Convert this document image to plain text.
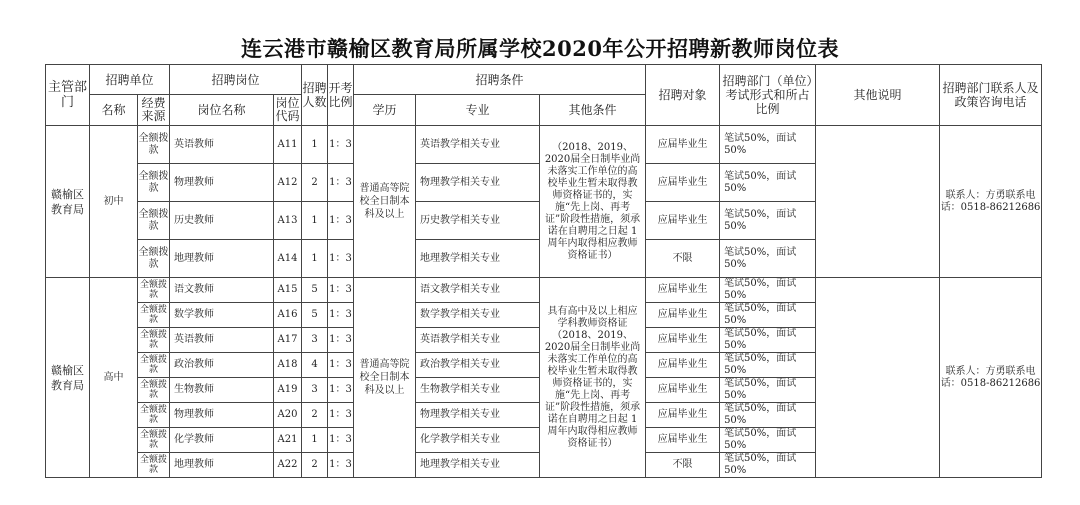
连云港市赣榆区教育局所属学校2020年公开招聘新教师岗位表
主管部门	招聘单位		招聘岗位		招聘人数	开考比例	招聘条件			招聘对象	招聘部门（单位）考试形式和所占比例	其他说明	招聘部门联系人及政策咨询电话
	名称	经费来源	岗位名称	岗位代码			学历	专业	其他条件				
赣榆区教育局	初中	全额拨款	英语教师	A11	1	1：3	普通高等院校全日制本科及以上	英语教学相关专业	（2018、2019、2020届全日制毕业尚未落实工作单位的高校毕业生暂未取得教师资格证书的，实施“先上岗、再考证”阶段性措施，须承诺在自聘用之日起 1 周年内取得相应教师资格证书）	应届毕业生	笔试50%，面试50%		联系人：方勇联系电话：0518-86212686
		全额拨款	物理教师	A12	2	1：3		物理教学相关专业		应届毕业生	笔试50%，面试50%		
		全额拨款	历史教师	A13	1	1：3		历史教学相关专业		应届毕业生	笔试50%，面试50%		
		全额拨款	地理教师	A14	1	1：3		地理教学相关专业		不限	笔试50%，面试50%		
赣榆区教育局	高中	全额拨款	语文教师	A15	5	1：3	普通高等院校全日制本科及以上	语文教学相关专业	具有高中及以上相应学科教师资格证（2018、2019、2020届全日制毕业尚未落实工作单位的高校毕业生暂未取得教师资格证书的，实施“先上岗、再考证”阶段性措施，须承诺在自聘用之日起 1 周年内取得相应教师资格证书）	应届毕业生	笔试50%，面试50%		联系人：方勇联系电话：0518-86212686
		全额拨款	数学教师	A16	5	1：3		数学教学相关专业		应届毕业生	笔试50%，面试50%		
		全额拨款	英语教师	A17	3	1：3		英语教学相关专业		应届毕业生	笔试50%，面试50%		
		全额拨款	政治教师	A18	4	1：3		政治教学相关专业		应届毕业生	笔试50%，面试50%		
		全额拨款	生物教师	A19	3	1：3		生物教学相关专业		应届毕业生	笔试50%，面试50%		
		全额拨款	物理教师	A20	2	1：3		物理教学相关专业		应届毕业生	笔试50%，面试50%		
		全额拨款	化学教师	A21	1	1：3		化学教学相关专业		应届毕业生	笔试50%，面试50%		
		全额拨款	地理教师	A22	2	1：3		地理教学相关专业		不限	笔试50%，面试50%		
